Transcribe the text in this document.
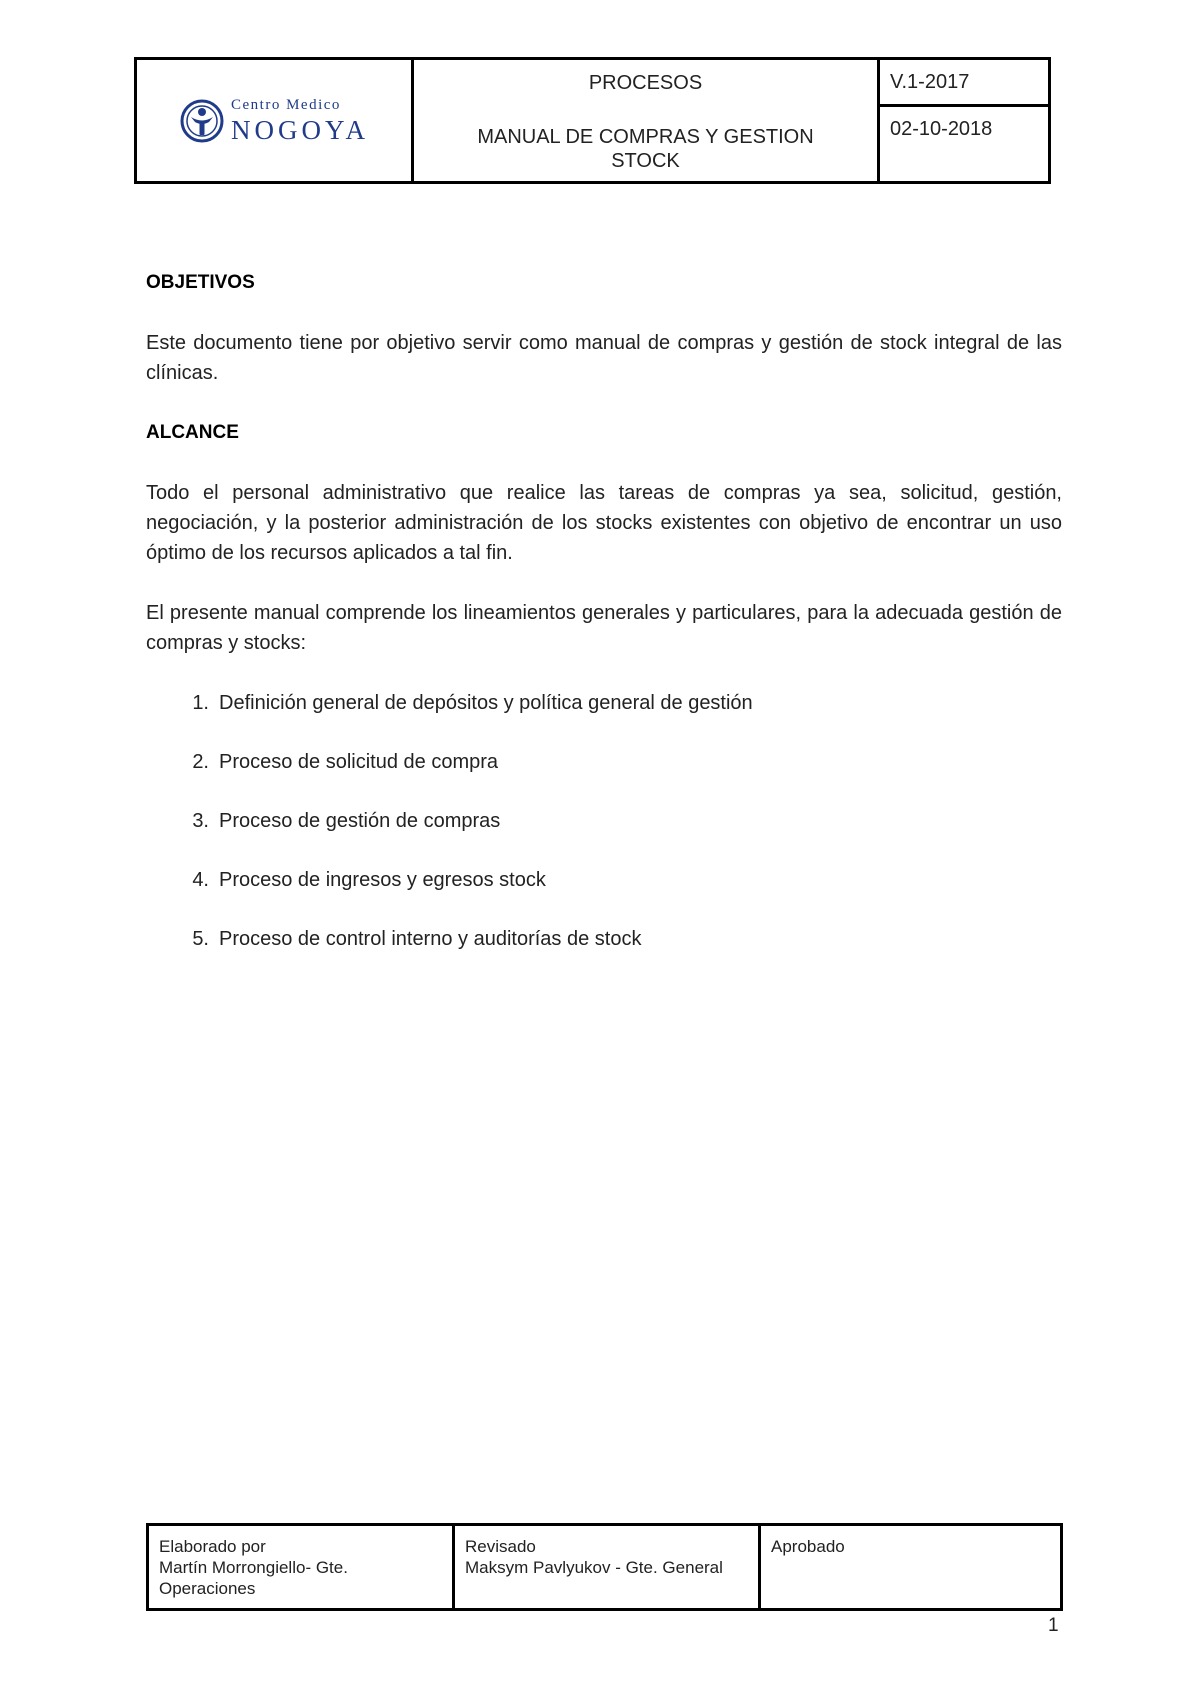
Centro Medico
NOGOYA
PROCESOS
MANUAL DE COMPRAS Y GESTION STOCK
V.1-2017
02-10-2018
OBJETIVOS

Este documento tiene por objetivo servir como manual de compras y gestión de stock integral de las clínicas.

ALCANCE

Todo el personal administrativo que realice las tareas de compras ya sea, solicitud, gestión, negociación, y la posterior administración de los stocks existentes con objetivo de encontrar un uso óptimo de los recursos aplicados a tal fin.

El presente manual comprende los lineamientos generales y particulares, para la adecuada gestión de compras y stocks:

1. Definición general de depósitos y política general de gestión
2. Proceso de solicitud de compra
3. Proceso de gestión de compras
4. Proceso de ingresos y egresos stock
5. Proceso de control interno y auditorías de stock
Elaborado por
Martín Morrongiello- Gte. Operaciones
Revisado
Maksym Pavlyukov - Gte. General
Aprobado
1
